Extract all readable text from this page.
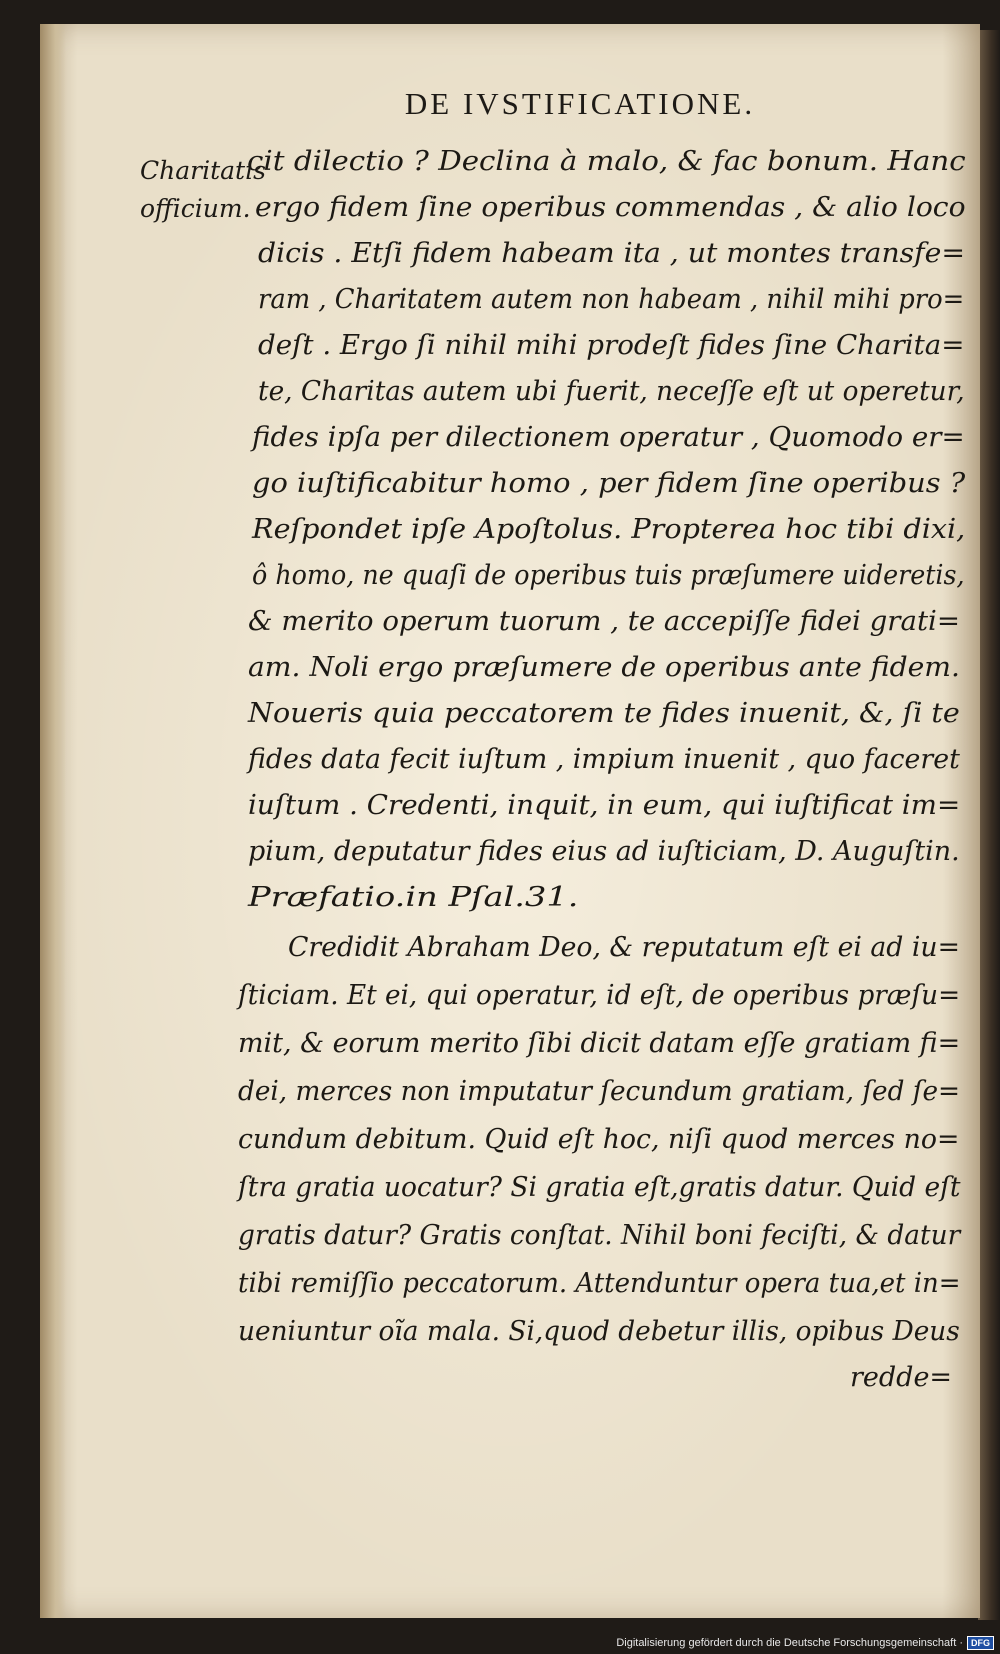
DE IVSTIFICATIONE.
Charitatis
officium.
cit dilectio ? Declina à malo, & fac bonum. Hanc
ergo fidem ſine operibus commendas , & alio loco
dicis . Etſi fidem habeam ita , ut montes transfe=
ram , Charitatem autem non habeam , nihil mihi pro=
deſt . Ergo ſi nihil mihi prodeſt fides ſine Charita=
te, Charitas autem ubi fuerit, neceſſe eſt ut operetur,
fides ipſa per dilectionem operatur , Quomodo er=
go iuſtificabitur homo , per fidem ſine operibus ?
Reſpondet ipſe Apoſtolus. Propterea hoc tibi dixi,
ô homo, ne quaſi de operibus tuis præſumere uideretis,
& merito operum tuorum , te accepiſſe fidei grati=
am. Noli ergo præſumere de operibus ante fidem.
Noueris quia peccatorem te fides inuenit, &, ſi te
fides data fecit iuſtum , impium inuenit , quo faceret
iuſtum . Credenti, inquit, in eum, qui iuſtificat im=
pium, deputatur fides eius ad iuſticiam, D. Auguſtin.
Præfatio.in Pſal.31.
Credidit Abraham Deo, & reputatum eſt ei ad iu=
ſticiam. Et ei, qui operatur, id eſt, de operibus præſu=
mit, & eorum merito ſibi dicit datam eſſe gratiam fi=
dei, merces non imputatur ſecundum gratiam, ſed ſe=
cundum debitum. Quid eſt hoc, niſi quod merces no=
ſtra gratia uocatur? Si gratia eſt,gratis datur. Quid eſt
gratis datur? Gratis conſtat. Nihil boni feciſti, & datur
tibi remiſſio peccatorum. Attenduntur opera tua,et in=
ueniuntur oĩa mala. Si,quod debetur illis, opibus Deus
redde=
Digitalisierung gefördert durch die Deutsche Forschungsgemeinschaft · DFG
